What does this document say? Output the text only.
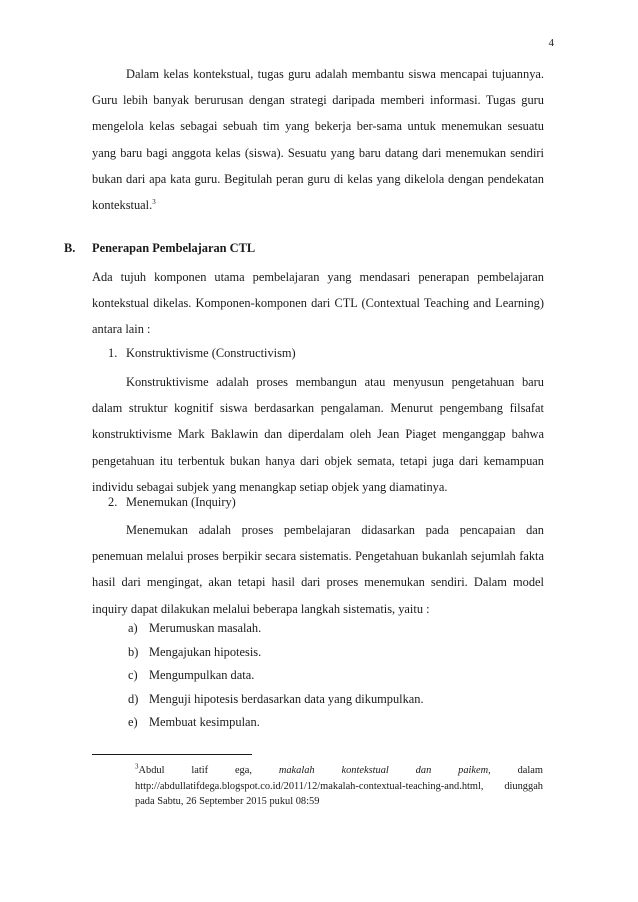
4

Dalam kelas kontekstual, tugas guru adalah membantu siswa mencapai tujuannya. Guru lebih banyak berurusan dengan strategi daripada memberi informasi. Tugas guru mengelola kelas sebagai sebuah tim yang bekerja ber-sama untuk menemukan sesuatu yang baru bagi anggota kelas (siswa). Sesuatu yang baru datang dari menemukan sendiri bukan dari apa kata guru. Begitulah peran guru di kelas yang dikelola dengan pendekatan kontekstual.$^3$

B. Penerapan Pembelajaran CTL

Ada tujuh komponen utama pembelajaran yang mendasari penerapan pembelajaran kontekstual dikelas. Komponen-komponen dari CTL (Contextual Teaching and Learning) antara lain :

1. Konstruktivisme (Constructivism)

Konstruktivisme adalah proses membangun atau menyusun pengetahuan baru dalam struktur kognitif siswa berdasarkan pengalaman. Menurut pengembang filsafat konstruktivisme Mark Baklawin dan diperdalam oleh Jean Piaget menganggap bahwa pengetahuan itu terbentuk bukan hanya dari objek semata, tetapi juga dari kemampuan individu sebagai subjek yang menangkap setiap objek yang diamatinya.

2. Menemukan (Inquiry)

Menemukan adalah proses pembelajaran didasarkan pada pencapaian dan penemuan melalui proses berpikir secara sistematis. Pengetahuan bukanlah sejumlah fakta hasil dari mengingat, akan tetapi hasil dari proses menemukan sendiri. Dalam model inquiry dapat dilakukan melalui beberapa langkah sistematis, yaitu :

a) Merumuskan masalah.
b) Mengajukan hipotesis.
c) Mengumpulkan data.
d) Menguji hipotesis berdasarkan data yang dikumpulkan.
e) Membuat kesimpulan.
$^3$Abdul latif ega,	makalah kontekstual dan paikem,	dalam http://abdullatifdega.blogspot.co.id/2011/12/makalah-contextual-teaching-and.html, diunggah pada Sabtu, 26 September 2015 pukul 08:59
